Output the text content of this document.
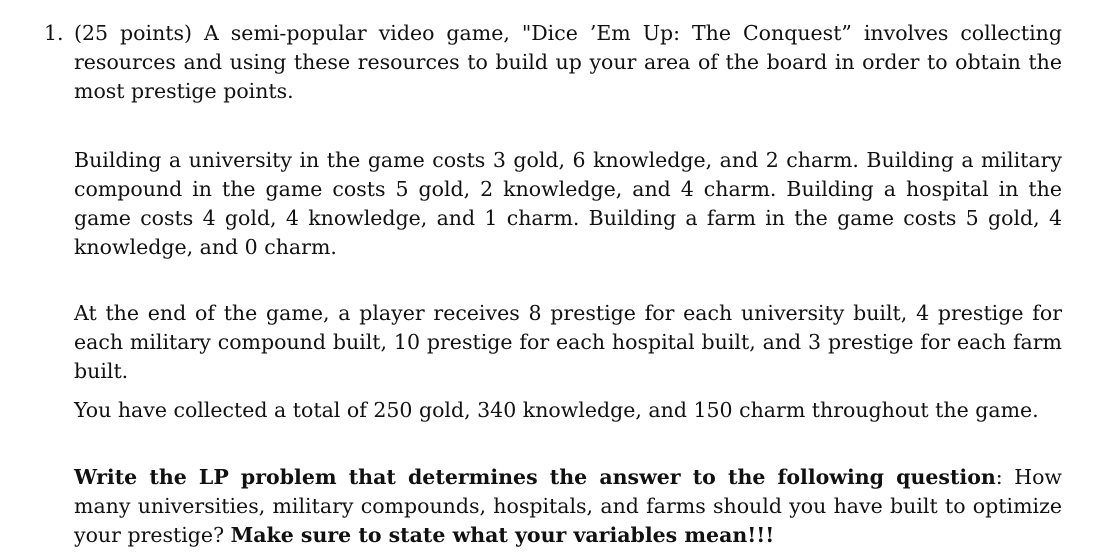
1. (25 points) A semi-popular video game, "Dice ’Em Up: The Conquest” involves collecting resources and using these resources to build up your area of the board in order to obtain the most prestige points.

Building a university in the game costs 3 gold, 6 knowledge, and 2 charm. Building a military compound in the game costs 5 gold, 2 knowledge, and 4 charm. Building a hospital in the game costs 4 gold, 4 knowledge, and 1 charm. Building a farm in the game costs 5 gold, 4 knowledge, and 0 charm.

At the end of the game, a player receives 8 prestige for each university built, 4 prestige for each military compound built, 10 prestige for each hospital built, and 3 prestige for each farm built.

You have collected a total of 250 gold, 340 knowledge, and 150 charm throughout the game.

Write the LP problem that determines the answer to the following question: How many universities, military compounds, hospitals, and farms should you have built to optimize your prestige? Make sure to state what your variables mean!!!
